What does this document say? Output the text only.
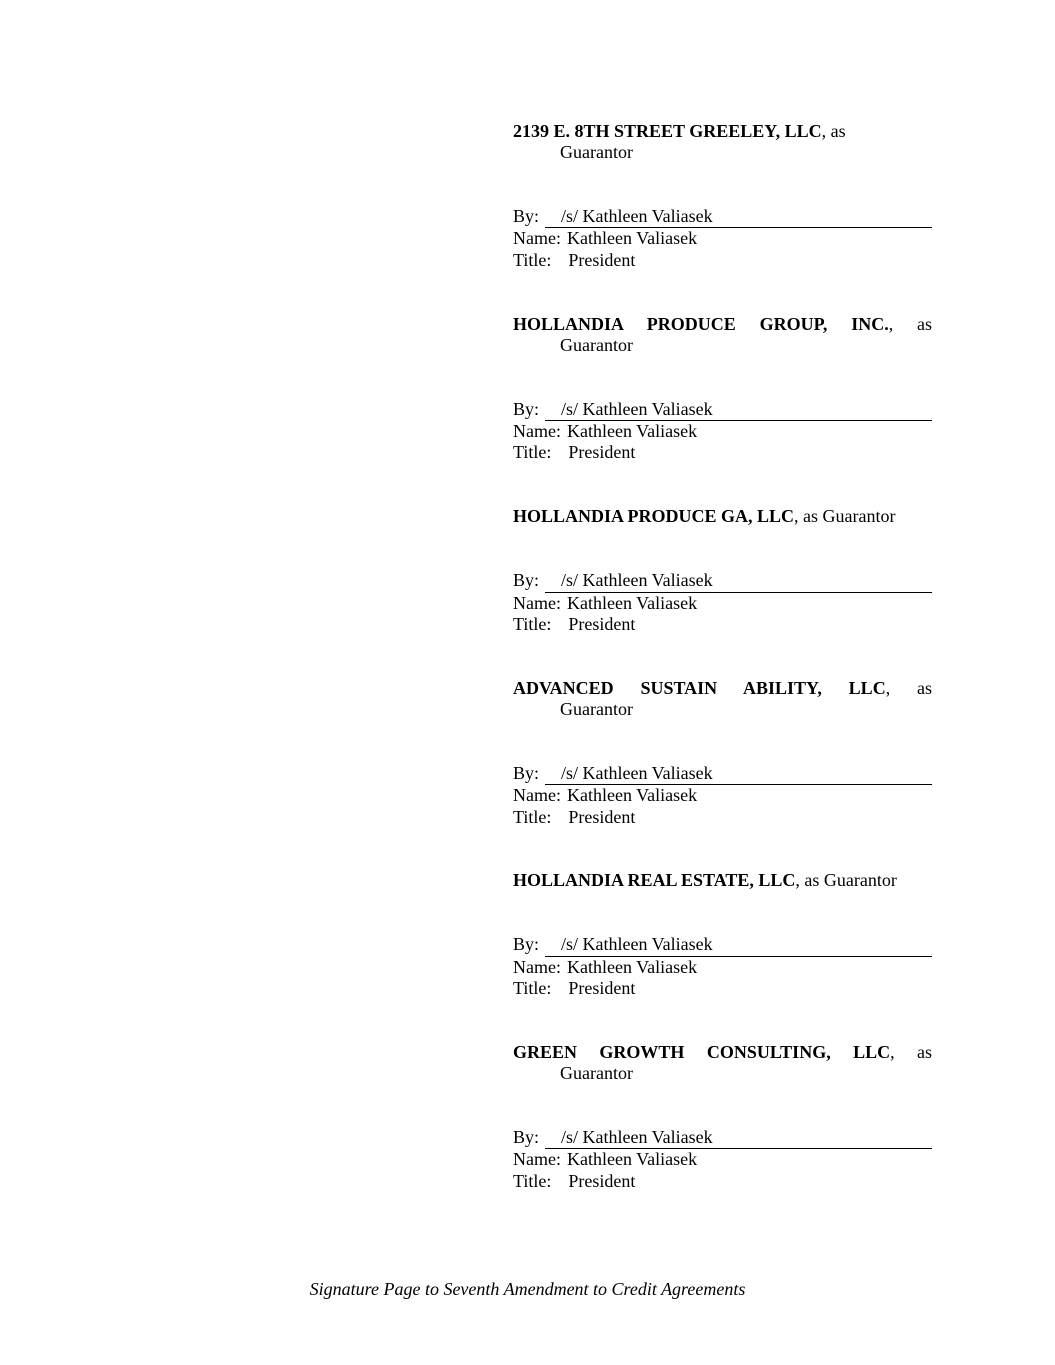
2139 E. 8TH STREET GREELEY, LLC, as
Guarantor
By:	/s/ Kathleen Valiasek
Name: Kathleen Valiasek
Title: President
HOLLANDIA PRODUCE GROUP, INC., as
Guarantor
By:	/s/ Kathleen Valiasek
Name: Kathleen Valiasek
Title: President
HOLLANDIA PRODUCE GA, LLC, as Guarantor
By:	/s/ Kathleen Valiasek
Name: Kathleen Valiasek
Title: President
ADVANCED SUSTAIN ABILITY, LLC, as
Guarantor
By:	/s/ Kathleen Valiasek
Name: Kathleen Valiasek
Title: President
HOLLANDIA REAL ESTATE, LLC, as Guarantor
By:	/s/ Kathleen Valiasek
Name: Kathleen Valiasek
Title: President
GREEN GROWTH CONSULTING, LLC, as
Guarantor
By:	/s/ Kathleen Valiasek
Name: Kathleen Valiasek
Title: President
Signature Page to Seventh Amendment to Credit Agreements
